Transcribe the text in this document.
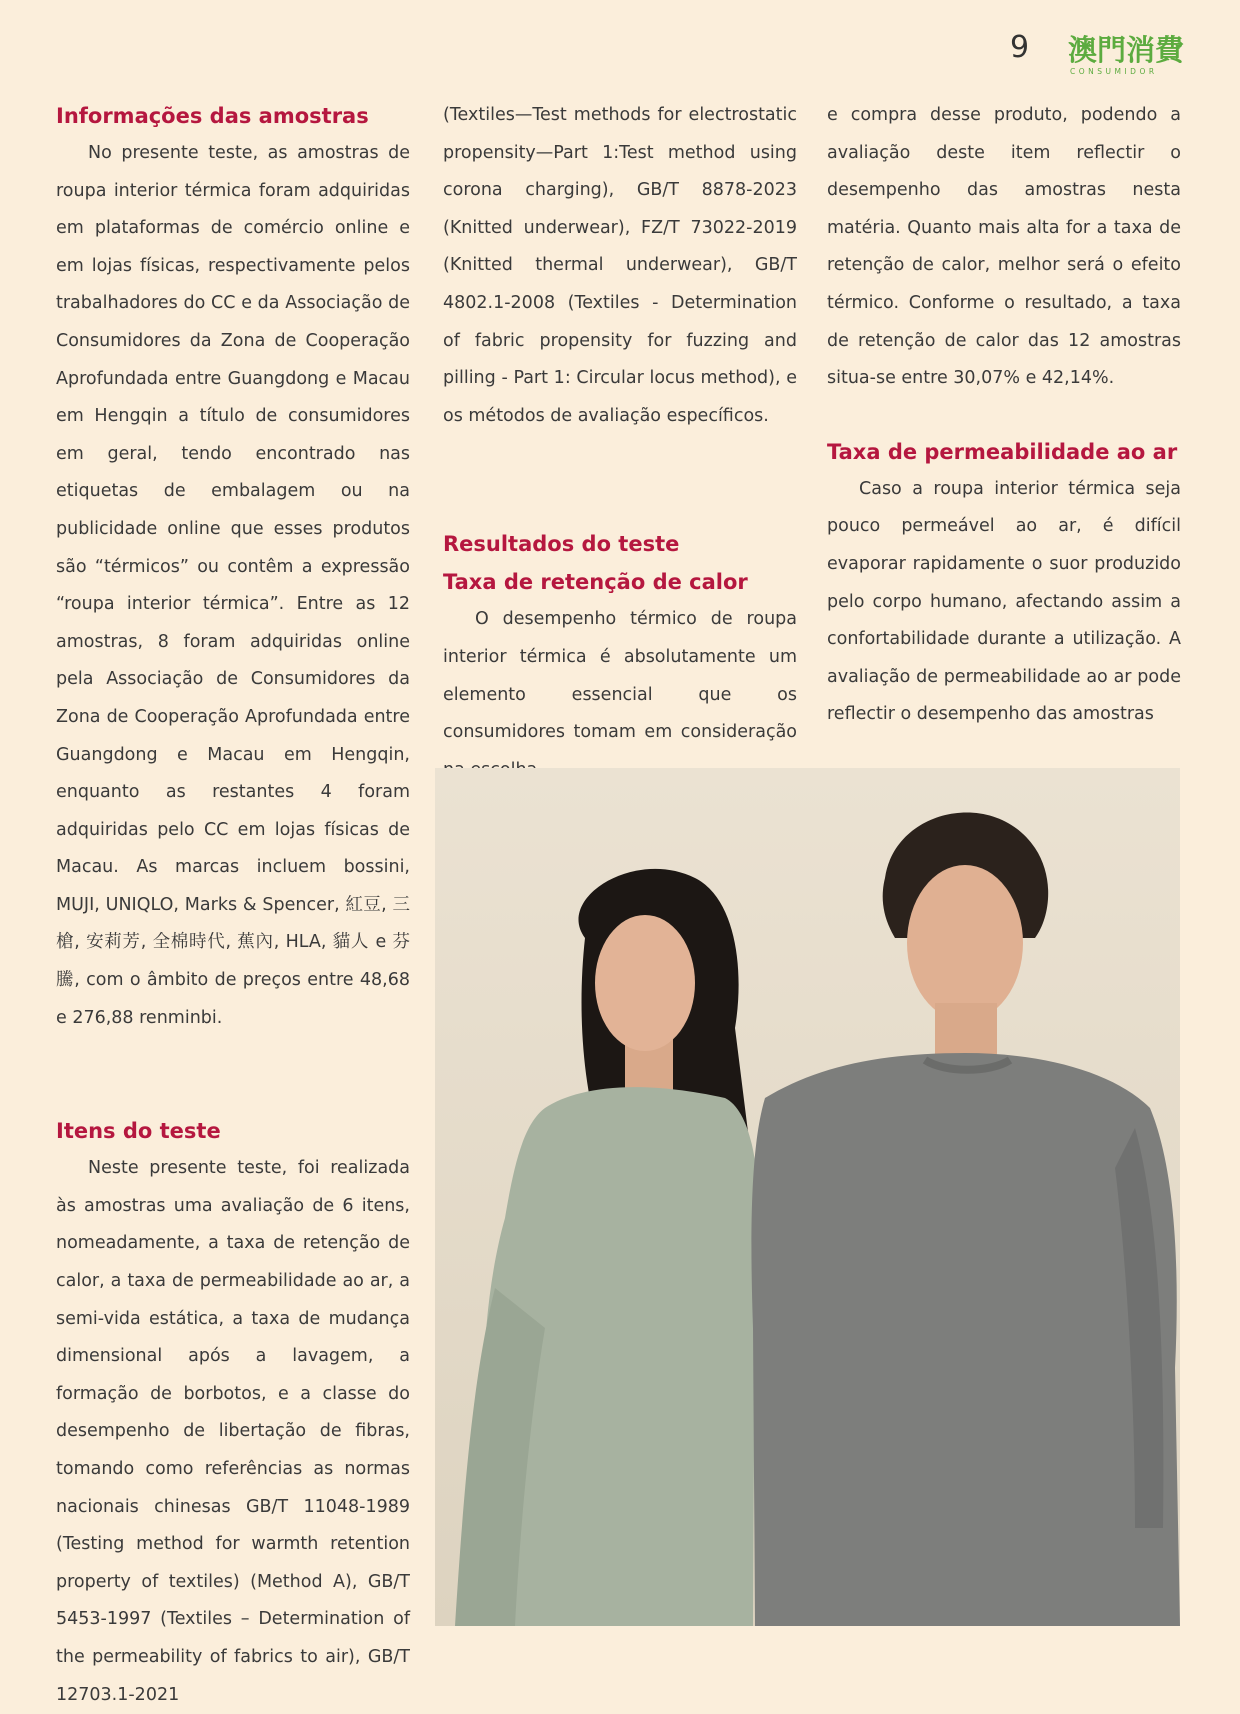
9 澳門消費
CONSUMIDOR
Informações das amostras

No presente teste, as amostras de roupa interior térmica foram adquiridas em plataformas de comércio online e em lojas físicas, respectivamente pelos trabalhadores do CC e da Associação de Consumidores da Zona de Cooperação Aprofundada entre Guangdong e Macau em Hengqin a título de consumidores em geral, tendo encontrado nas etiquetas de embalagem ou na publicidade online que esses produtos são “térmicos” ou contêm a expressão “roupa interior térmica”. Entre as 12 amostras, 8 foram adquiridas online pela Associação de Consumidores da Zona de Cooperação Aprofundada entre Guangdong e Macau em Hengqin, enquanto as restantes 4 foram adquiridas pelo CC em lojas físicas de Macau. As marcas incluem bossini, MUJI, UNIQLO, Marks & Spencer, 紅豆, 三槍, 安莉芳, 全棉時代, 蕉內, HLA, 貓人 e 芬騰, com o âmbito de preços entre 48,68 e 276,88 renminbi.

Itens do teste

Neste presente teste, foi realizada às amostras uma avaliação de 6 itens, nomeadamente, a taxa de retenção de calor, a taxa de permeabilidade ao ar, a semi-vida estática, a taxa de mudança dimensional após a lavagem, a formação de borbotos, e a classe do desempenho de libertação de fibras, tomando como referências as normas nacionais chinesas GB/T 11048-1989 (Testing method for warmth retention property of textiles) (Method A), GB/T 5453-1997 (Textiles – Determination of the permeability of fabrics to air), GB/T 12703.1-2021

(Textiles—Test methods for electrostatic propensity—Part 1:Test method using corona charging), GB/T 8878-2023 (Knitted underwear), FZ/T 73022-2019 (Knitted thermal underwear), GB/T 4802.1-2008 (Textiles - Determination of fabric propensity for fuzzing and pilling - Part 1: Circular locus method), e os métodos de avaliação específicos.

Resultados do teste
Taxa de retenção de calor

O desempenho térmico de roupa interior térmica é absolutamente um elemento essencial que os consumidores tomam em consideração

e compra desse produto, podendo a avaliação deste item reflectir o desempenho das amostras nesta matéria. Quanto mais alta for a taxa de retenção de calor, melhor será o efeito térmico. Conforme o resultado, a taxa de retenção de calor das 12 amostras situa-se entre 30,07% e 42,14%.

Taxa de permeabilidade ao ar

Caso a roupa interior térmica seja pouco permeável ao ar, é difícil evaporar rapidamente o suor produzido pelo corpo humano, afectando assim a confortabilidade durante a utilização. A avaliação de permeabilidade ao ar pode reflectir o desempenho das amostras
